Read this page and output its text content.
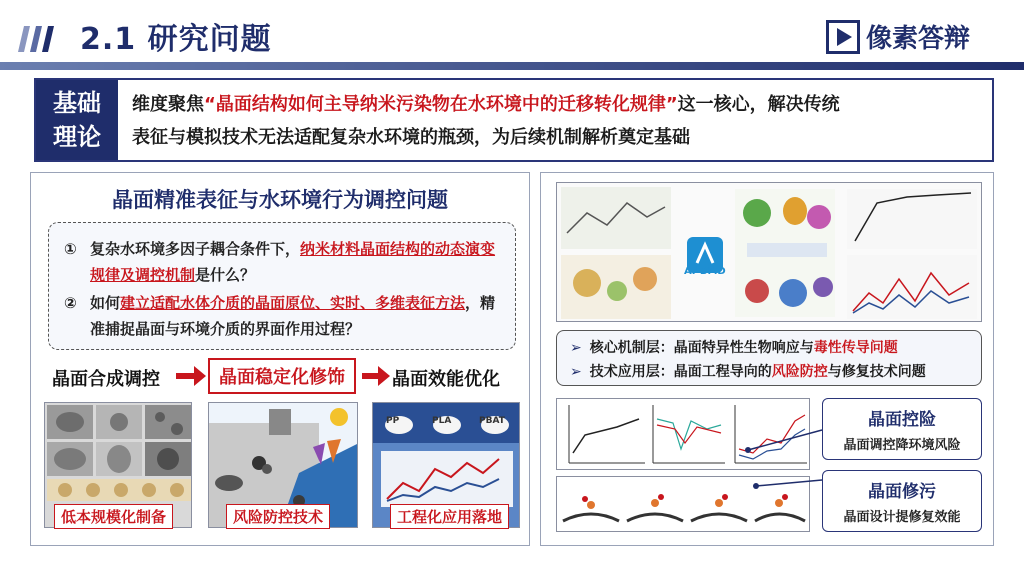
2.1 研究问题	像素答辩
基础
理论
维度聚焦“晶面结构如何主导纳米污染物在水环境中的迁移转化规律”这一核心，解决传统
表征与模拟技术无法适配复杂水环境的瓶颈，为后续机制解析奠定基础
晶面精准表征与水环境行为调控问题
① 复杂水环境多因子耦合条件下，纳米材料晶面结构的动态演变规律及调控机制是什么？
② 如何建立适配水体介质的晶面原位、实时、多维表征方法，精准捕捉晶面与环境介质的界面作用过程？
晶面合成调控	晶面稳定化修饰	晶面效能优化
低本规模化制备	风险防控技术
PP	PLA	PBAT
工程化应用落地
AI²BMD
➢ 核心机制层：晶面特异性生物响应与毒性传导问题
➢ 技术应用层：晶面工程导向的风险防控与修复技术问题
晶面控险
晶面调控降环境风险
晶面修污
晶面设计提修复效能
